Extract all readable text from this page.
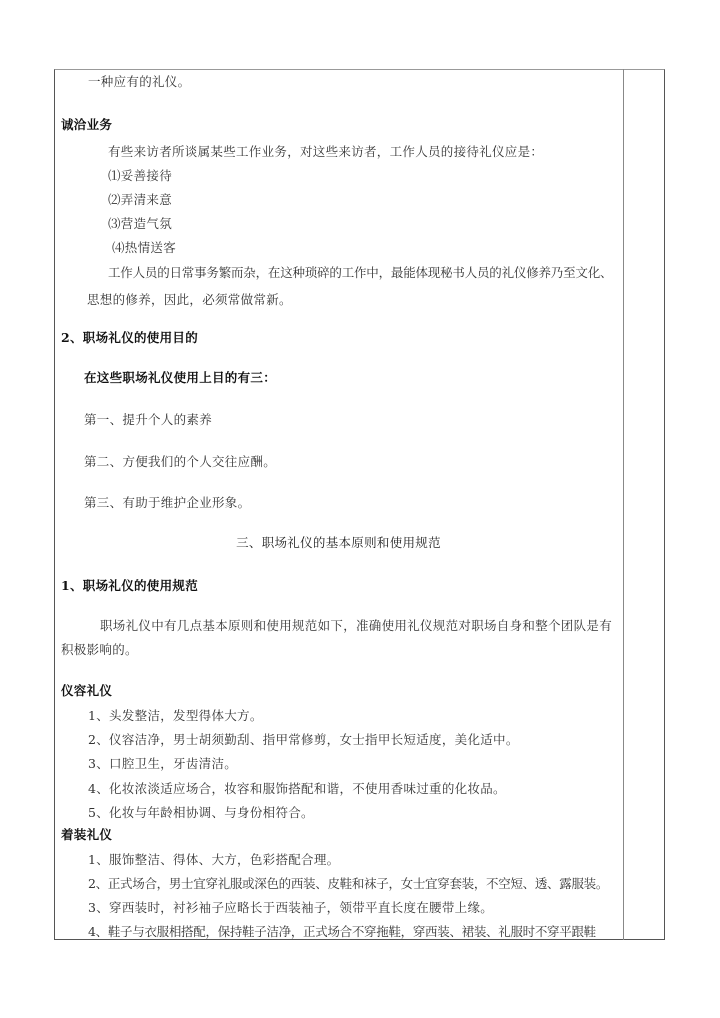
一种应有的礼仪。
诚洽业务
有些来访者所谈属某些工作业务，对这些来访者，工作人员的接待礼仪应是：
⑴妥善接待
⑵弄清来意
⑶营造气氛
⑷热情送客
工作人员的日常事务繁而杂，在这种琐碎的工作中，最能体现秘书人员的礼仪修养乃至文化、
思想的修养，因此，必须常做常新。
2、职场礼仪的使用目的
在这些职场礼仪使用上目的有三：
第一、提升个人的素养
第二、方便我们的个人交往应酬。
第三、有助于维护企业形象。
三、职场礼仪的基本原则和使用规范
1、职场礼仪的使用规范
职场礼仪中有几点基本原则和使用规范如下，准确使用礼仪规范对职场自身和整个团队是有
积极影响的。
仪容礼仪
1、头发整洁，发型得体大方。
2、仪容洁净，男士胡须勤刮、指甲常修剪，女士指甲长短适度，美化适中。
3、口腔卫生，牙齿清洁。
4、化妆浓淡适应场合，妆容和服饰搭配和谐，不使用香味过重的化妆品。
5、化妆与年龄相协调、与身份相符合。
着装礼仪
1、服饰整洁、得体、大方，色彩搭配合理。
2、正式场合，男士宜穿礼服或深色的西装、皮鞋和袜子，女士宜穿套装，不空短、透、露服装。
3、穿西装时，衬衫袖子应略长于西装袖子，领带平直长度在腰带上缘。
4、鞋子与衣服相搭配，保持鞋子洁净，正式场合不穿拖鞋，穿西装、裙装、礼服时不穿平跟鞋
